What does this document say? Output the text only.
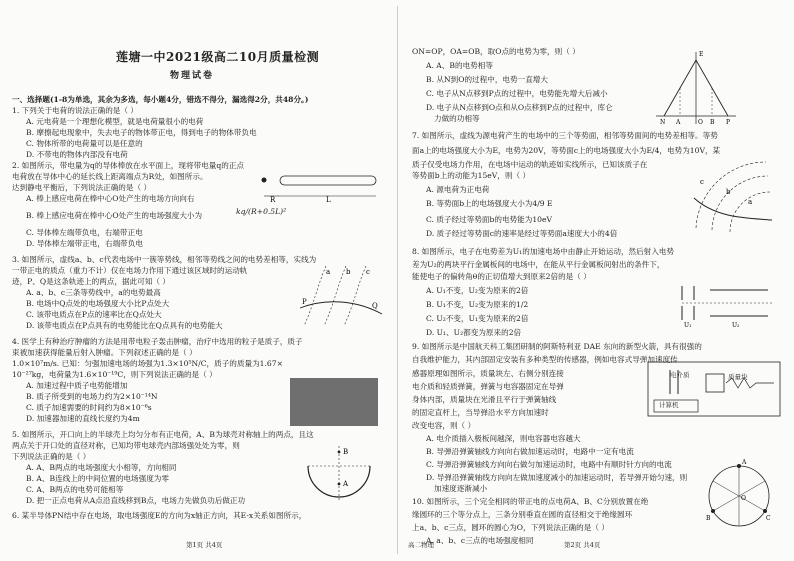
莲塘一中2021级高二10月质量检测
物理试卷
一、选择题(1-8为单选，其余为多选，每小题4分，错选不得分，漏选得2分，共48分。)
1. 下列关于电荷的说法正确的是（ ）
A. 元电荷是一个理想化模型，就是电荷量很小的电荷
B. 摩擦起电现象中，失去电子的物体带正电，得到电子的物体带负电
C. 物体所带的电荷量可以是任意的
D. 不带电的物体内部没有电荷
2. 如图所示，带电量为q的导体棒放在水平面上，现将带电量q的正点
电荷放在导体中心的延长线上距离端点为R处，如图所示。
达到静电平衡后，下列说法正确的是（ ）
A. 棒上感应电荷在棒中心O处产生的电场方向向右
B. 棒上感应电荷在棒中心O处产生的电场强度大小为	kq/(R+0.5L)²
C. 导体棒左端带负电，右端带正电
D. 导体棒左端带正电，右端带负电
R	L
3. 如图所示，虚线a、b、c代表电场中一簇等势线，相邻等势线之间的电势差相等，实线为
一带正电的质点（重力不计）仅在电场力作用下通过该区域时的运动轨
迹，P、Q是这条轨迹上的两点，据此可知（ ）
A. a、b、c三条等势线中，a的电势最高
B. 电场中Q点处的电场强度大小比P点处大
C. 该带电质点在P点的速率比在Q点处大
D. 该带电质点在P点具有的电势能比在Q点具有的电势能大
a b c
P	Q
4. 医学上有种治疗肿瘤的方法是用带电粒子轰击肿瘤，治疗中选用的粒子是质子，质子
束被加速获得能量后射入肿瘤。下列叙述正确的是（ ）
1.0×10⁷m/s. 已知：匀强加速电场的场强为1.3×10⁵N/C，质子的质量为1.67×
10⁻²⁷kg，电荷量为1.6×10⁻¹⁹C，则下列说法正确的是（ ）
A. 加速过程中质子电势能增加
B. 质子所受到的电场力约为2×10⁻¹⁴N
C. 质子加速需要的时间约为8×10⁻⁶s
D. 加速器加速的直线长度约为4m
5. 如图所示，开口向上的半球壳上均匀分布有正电荷，A、B为球壳对称轴上的两点，且这
两点关于开口处的直径对称，已知均带电球壳内部场强处处为零，则
下列说法正确的是（ ）
A. A、B两点的电场强度大小相等，方向相同
B. A、B连线上的中间位置的电场强度为零
C. A、B两点的电势可能相等
D. 把一正点电荷从A点沿直线移到B点，电场力先做负功后做正功
B
A
6. 某半导体PN结中存在电场，取电场强度E的方向为x轴正方向，其E-x关系如图所示，
第1页 共4页
ON=OP，OA=OB，取O点的电势为零，则（ ）
A. A、B的电势相等
B. 从N到O的过程中，电势一直增大
C. 电子从N点移到P点的过程中，电势能先增大后减小
D. 电子从N点移到O点和从O点移到P点的过程中，库仑
力做的功相等	N A	O B P
E
7. 如图所示，虚线为源电荷产生的电场中的三个等势面，相邻等势面间的电势差相等。等势
面a上的电场强度大小为E，电势为20V，等势面c上的电场强度大小为E/4，电势为10V，某
质子仅受电场力作用，在电场中运动的轨迹如实线所示，已知该质子在
等势面b上的动能为15eV，则（ ）
A. 源电荷为正电荷
B. 等势面b上的电场强度大小为4/9 E
C. 质子经过等势面b的电势能为10eV
D. 质子经过等势面c的速率是经过等势面a速度大小的4倍
c
b
a
8. 如图所示，电子在电势差为U₁的加速电场中由静止开始运动，然后射入电势
差为U₂的两块平行金属板间的电场中，在能从平行金属板间射出的条件下，
能使电子的偏转角θ的正切值增大到原来2倍的是（ ）
A. U₁不变，U₂变为原来的2倍
B. U₁不变，U₂变为原来的1/2
C. U₂不变，U₁变为原来的2倍
D. U₁、U₂都变为原来的2倍
U₁	U₂
9. 如图所示是中国航天科工集团研制的阿斯特利亚 DAE 东向的新型火箭，具有很强的
自我维护能力，其内部固定安装有多种类型的传感器，例如电容式导弹加速度传
感器原理如图所示，质量块左、右侧分别连接
电介质和轻质弹簧，弹簧与电容器固定在导弹
身体内部，质量块在光滑且平行于弹簧轴线
的固定直杆上，当导弹沿水平方向加速时
改变电容，则（ ）
A. 电介质插入极板间越深，则电容器电容越大
B. 导弹沿弹簧轴线方向向右做加速运动时，电路中一定有电流
C. 导弹沿弹簧轴线方向向右做匀加速运动时，电路中有顺时针方向的电流
D. 导弹沿弹簧轴线方向向左做加速度减小的加速运动时，若导弹开始匀速，则
加速度逐渐减小
电介质	质量块
计算机
10. 如图所示，三个完全相同的带正电的点电荷A、B、C分别放置在绝
缘圆环的三个等分点上，三条分别垂直在圆的直径相交于绝缘圆环
上a、b、c三点，圆环的圆心为O，下列说法正确的是（ ）
A. a、b、c三点的电场强度相同
A
B	C
O
高二物理	第2页 共4页
